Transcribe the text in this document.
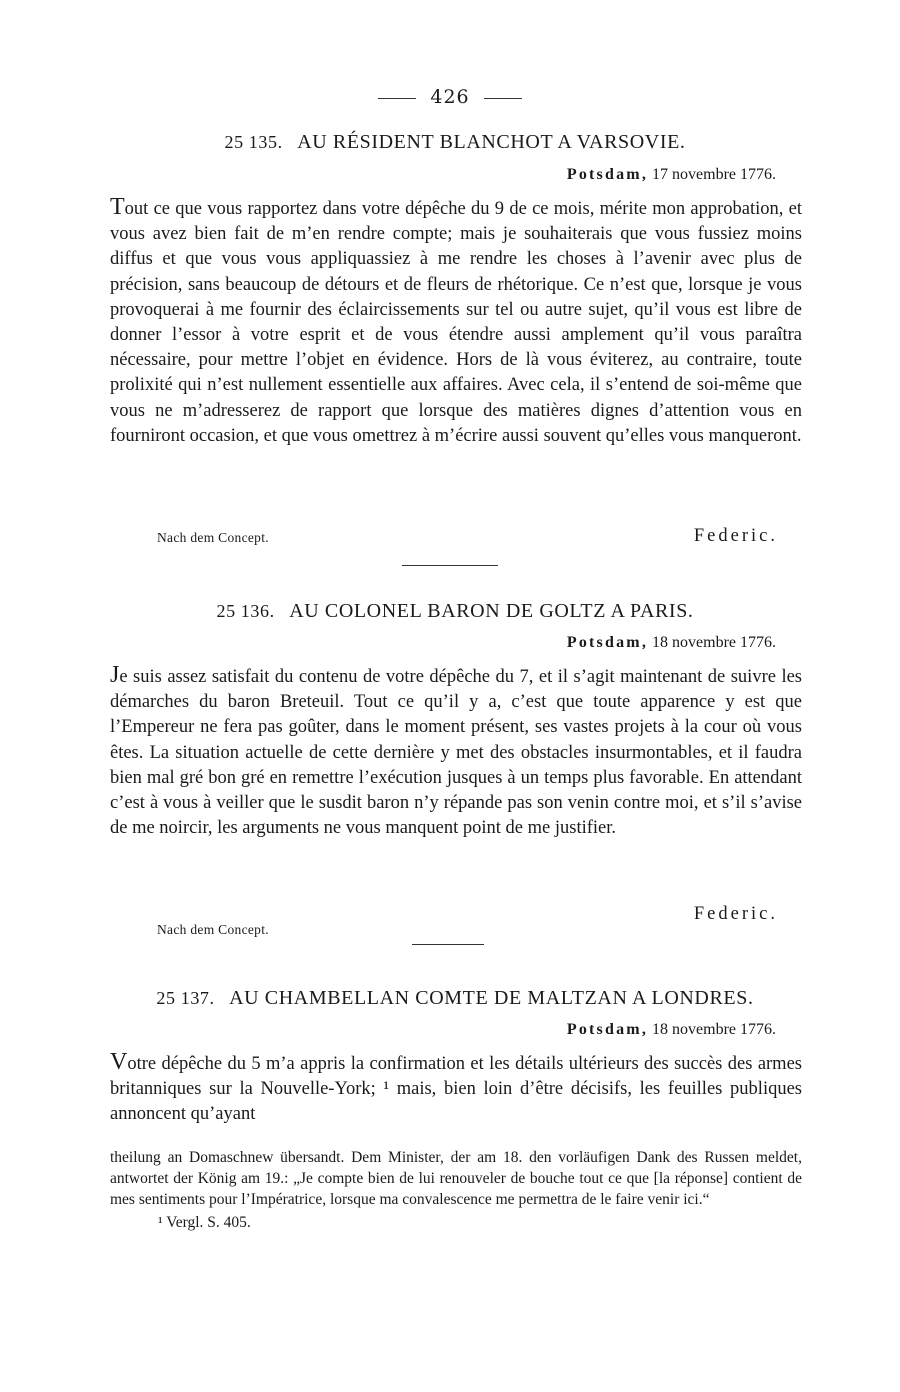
426
25 135. AU RÉSIDENT BLANCHOT A VARSOVIE.
Potsdam, 17 novembre 1776.
Tout ce que vous rapportez dans votre dépêche du 9 de ce mois, mérite mon approbation, et vous avez bien fait de m’en rendre compte; mais je souhaiterais que vous fussiez moins diffus et que vous vous appliquassiez à me rendre les choses à l’avenir avec plus de précision, sans beaucoup de détours et de fleurs de rhétorique. Ce n’est que, lorsque je vous provoquerai à me fournir des éclaircissements sur tel ou autre sujet, qu’il vous est libre de donner l’essor à votre esprit et de vous étendre aussi amplement qu’il vous paraîtra nécessaire, pour mettre l’objet en évidence. Hors de là vous éviterez, au contraire, toute prolixité qui n’est nullement essentielle aux affaires. Avec cela, il s’entend de soi-même que vous ne m’adresserez de rapport que lorsque des matières dignes d’attention vous en fourniront occasion, et que vous omettrez à m’écrire aussi souvent qu’elles vous manqueront.
Nach dem Concept.	Federic.
25 136. AU COLONEL BARON DE GOLTZ A PARIS.
Potsdam, 18 novembre 1776.
Je suis assez satisfait du contenu de votre dépêche du 7, et il s’agit maintenant de suivre les démarches du baron Breteuil. Tout ce qu’il y a, c’est que toute apparence y est que l’Empereur ne fera pas goûter, dans le moment présent, ses vastes projets à la cour où vous êtes. La situation actuelle de cette dernière y met des obstacles insurmontables, et il faudra bien mal gré bon gré en remettre l’exécution jusques à un temps plus favorable. En attendant c’est à vous à veiller que le susdit baron n’y répande pas son venin contre moi, et s’il s’avise de me noircir, les arguments ne vous manquent point de me justifier.
Nach dem Concept.
Federic.
25 137. AU CHAMBELLAN COMTE DE MALTZAN A LONDRES.
Potsdam, 18 novembre 1776.
Votre dépêche du 5 m’a appris la confirmation et les détails ultérieurs des succès des armes britanniques sur la Nouvelle-York; ¹ mais, bien loin d’être décisifs, les feuilles publiques annoncent qu’ayant
theilung an Domaschnew übersandt. Dem Minister, der am 18. den vorläufigen Dank des Russen meldet, antwortet der König am 19.: „Je compte bien de lui renouveler de bouche tout ce que [la réponse] contient de mes sentiments pour l’Impératrice, lorsque ma convalescence me permettra de le faire venir ici.“
¹ Vergl. S. 405.
